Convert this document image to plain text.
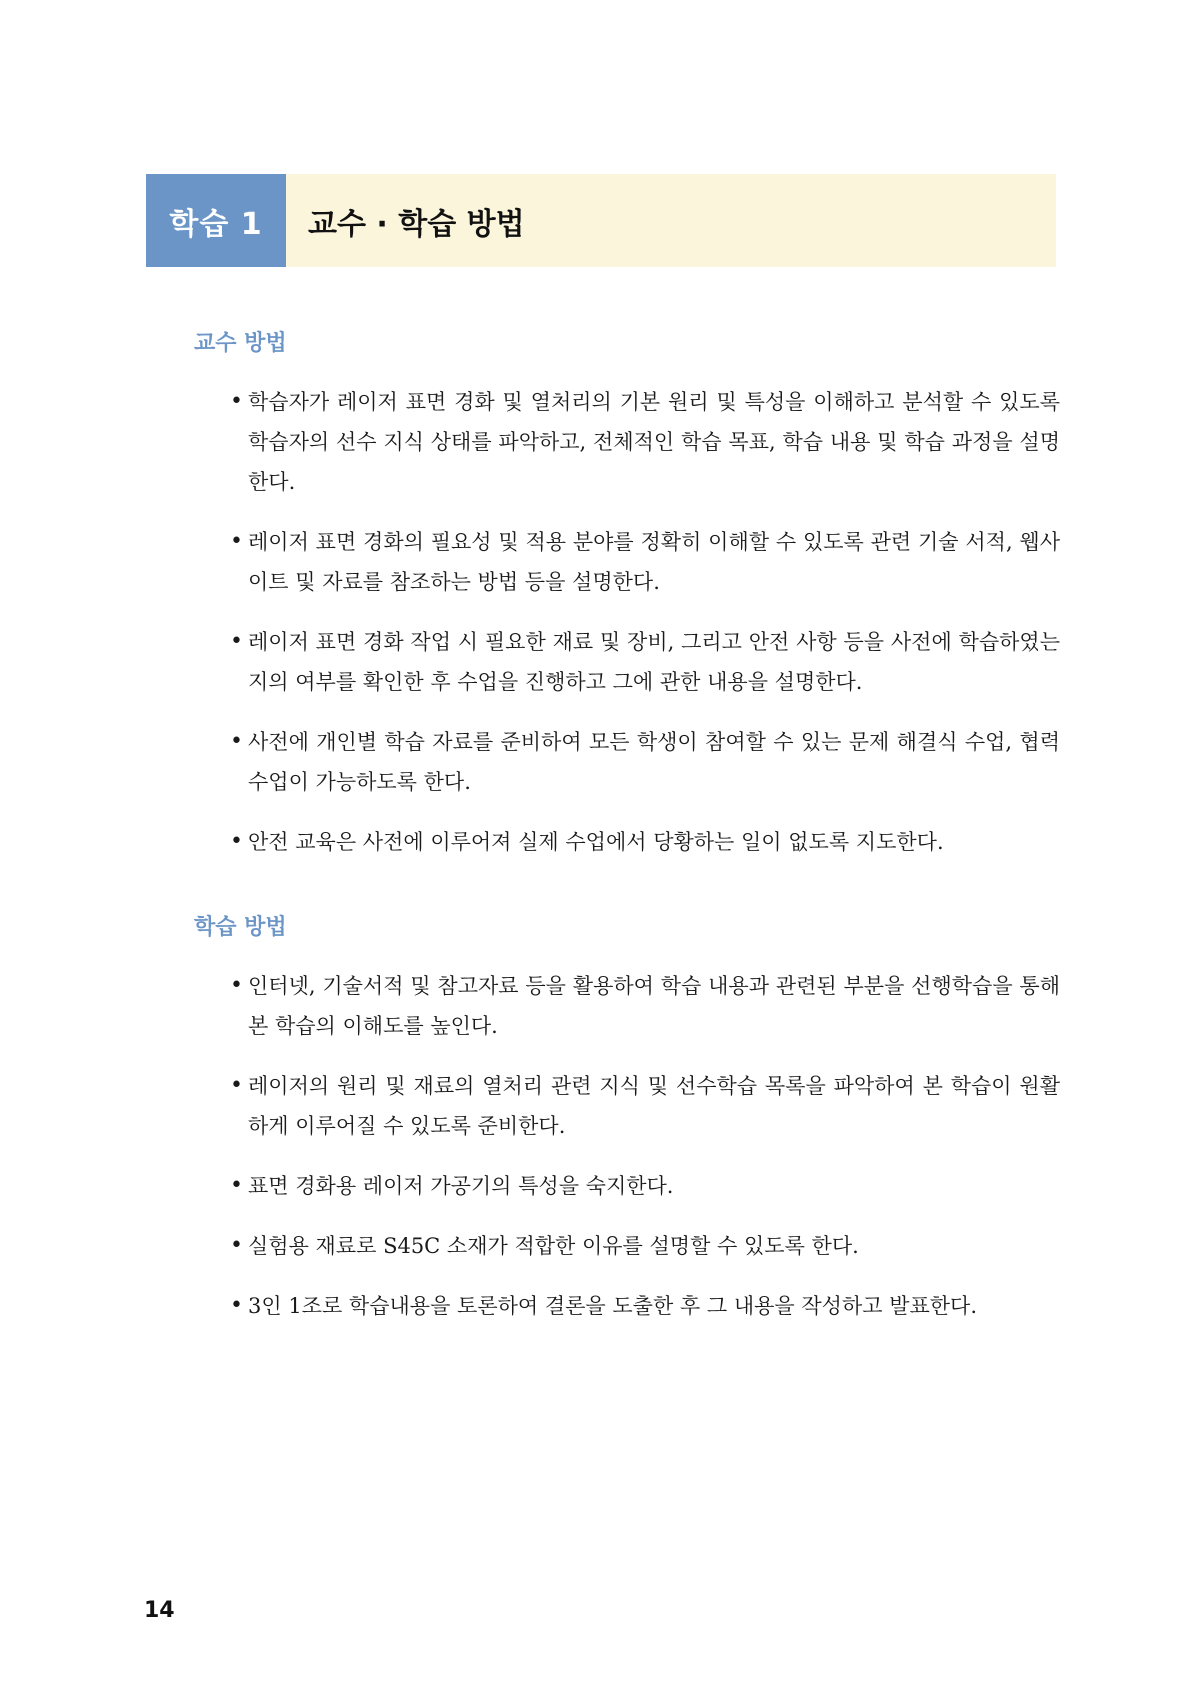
학습 1	교수 · 학습 방법
교수 방법
• 학습자가 레이저 표면 경화 및 열처리의 기본 원리 및 특성을 이해하고 분석할 수 있도록 학습자의 선수 지식 상태를 파악하고, 전체적인 학습 목표, 학습 내용 및 학습 과정을 설명한다.
• 레이저 표면 경화의 필요성 및 적용 분야를 정확히 이해할 수 있도록 관련 기술 서적, 웹사이트 및 자료를 참조하는 방법 등을 설명한다.
• 레이저 표면 경화 작업 시 필요한 재료 및 장비, 그리고 안전 사항 등을 사전에 학습하였는지의 여부를 확인한 후 수업을 진행하고 그에 관한 내용을 설명한다.
• 사전에 개인별 학습 자료를 준비하여 모든 학생이 참여할 수 있는 문제 해결식 수업, 협력 수업이 가능하도록 한다.
• 안전 교육은 사전에 이루어져 실제 수업에서 당황하는 일이 없도록 지도한다.
학습 방법
• 인터넷, 기술서적 및 참고자료 등을 활용하여 학습 내용과 관련된 부분을 선행학습을 통해 본 학습의 이해도를 높인다.
• 레이저의 원리 및 재료의 열처리 관련 지식 및 선수학습 목록을 파악하여 본 학습이 원활하게 이루어질 수 있도록 준비한다.
• 표면 경화용 레이저 가공기의 특성을 숙지한다.
• 실험용 재료로 S45C 소재가 적합한 이유를 설명할 수 있도록 한다.
• 3인 1조로 학습내용을 토론하여 결론을 도출한 후 그 내용을 작성하고 발표한다.
14
